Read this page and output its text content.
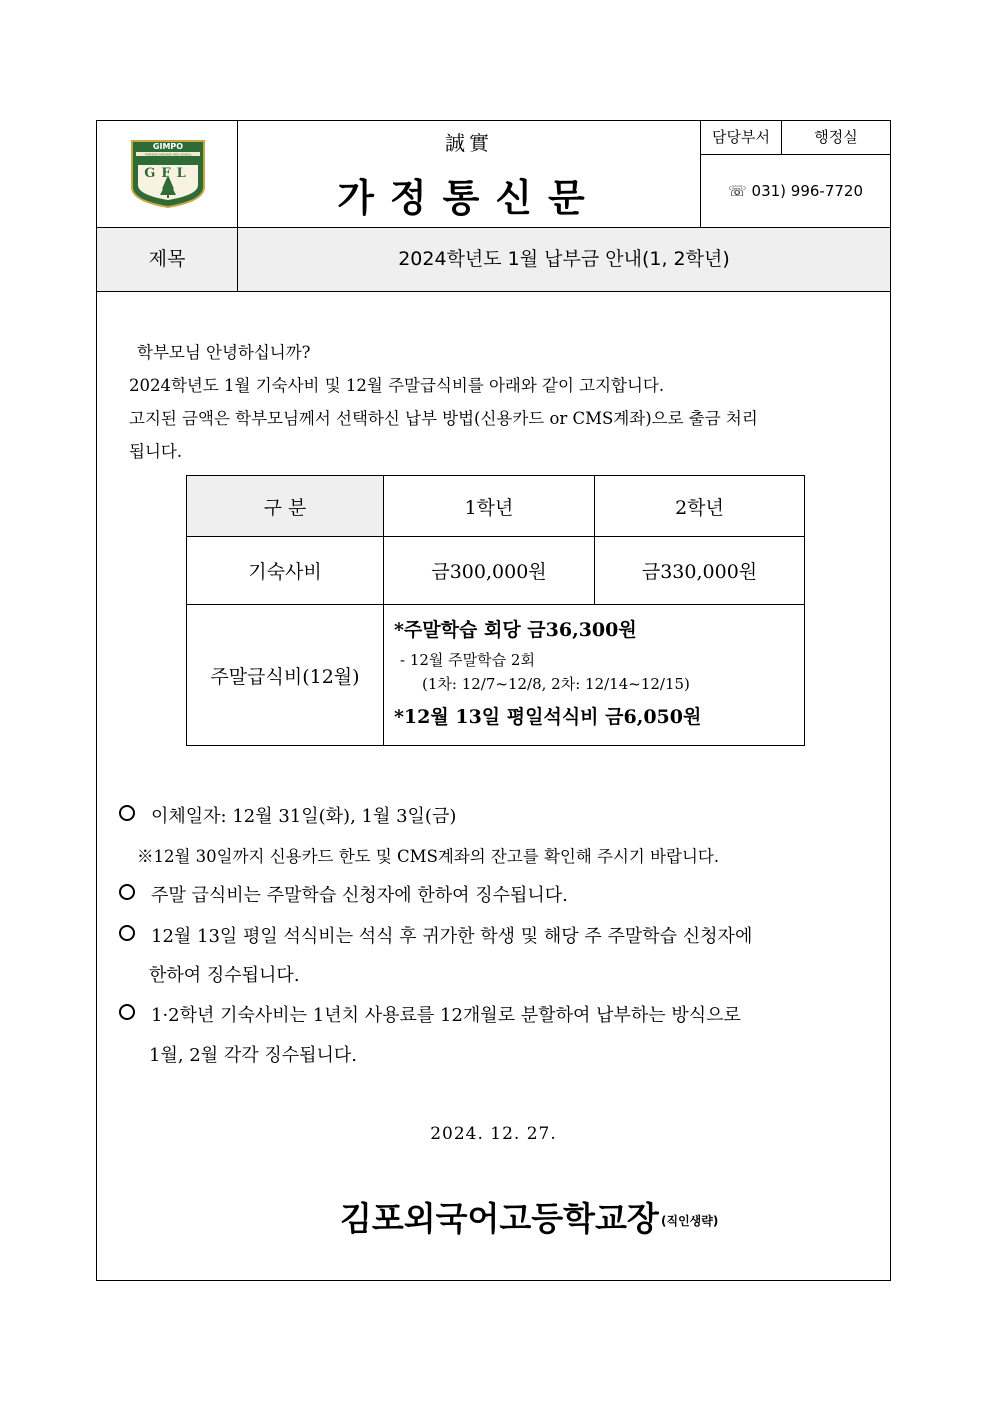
GIMPO
FOREIGN LANGUAGE HIGH SCHOOL
GFL
誠實
가정통신문
담당부서	행정실
☏ 031) 996-7720
제목	2024학년도 1월 납부금 안내(1, 2학년)
학부모님 안녕하십니까?
2024학년도 1월 기숙사비 및 12월 주말급식비를 아래와 같이 고지합니다.
고지된 금액은 학부모님께서 선택하신 납부 방법(신용카드 or CMS계좌)으로 출금 처리
됩니다.
구 분	1학년	2학년
기숙사비	금300,000원	금330,000원
주말급식비(12월)	*주말학습 회당 금36,300원
- 12월 주말학습 2회
(1차: 12/7~12/8, 2차: 12/14~12/15)
*12월 13일 평일석식비 금6,050원	
이체일자: 12월 31일(화), 1월 3일(금)
※12월 30일까지 신용카드 한도 및 CMS계좌의 잔고를 확인해 주시기 바랍니다.
주말 급식비는 주말학습 신청자에 한하여 징수됩니다.
12월 13일 평일 석식비는 석식 후 귀가한 학생 및 해당 주 주말학습 신청자에
한하여 징수됩니다.
1·2학년 기숙사비는 1년치 사용료를 12개월로 분할하여 납부하는 방식으로
1월, 2월 각각 징수됩니다.
2024. 12. 27.
김포외국어고등학교장 (직인생략)
